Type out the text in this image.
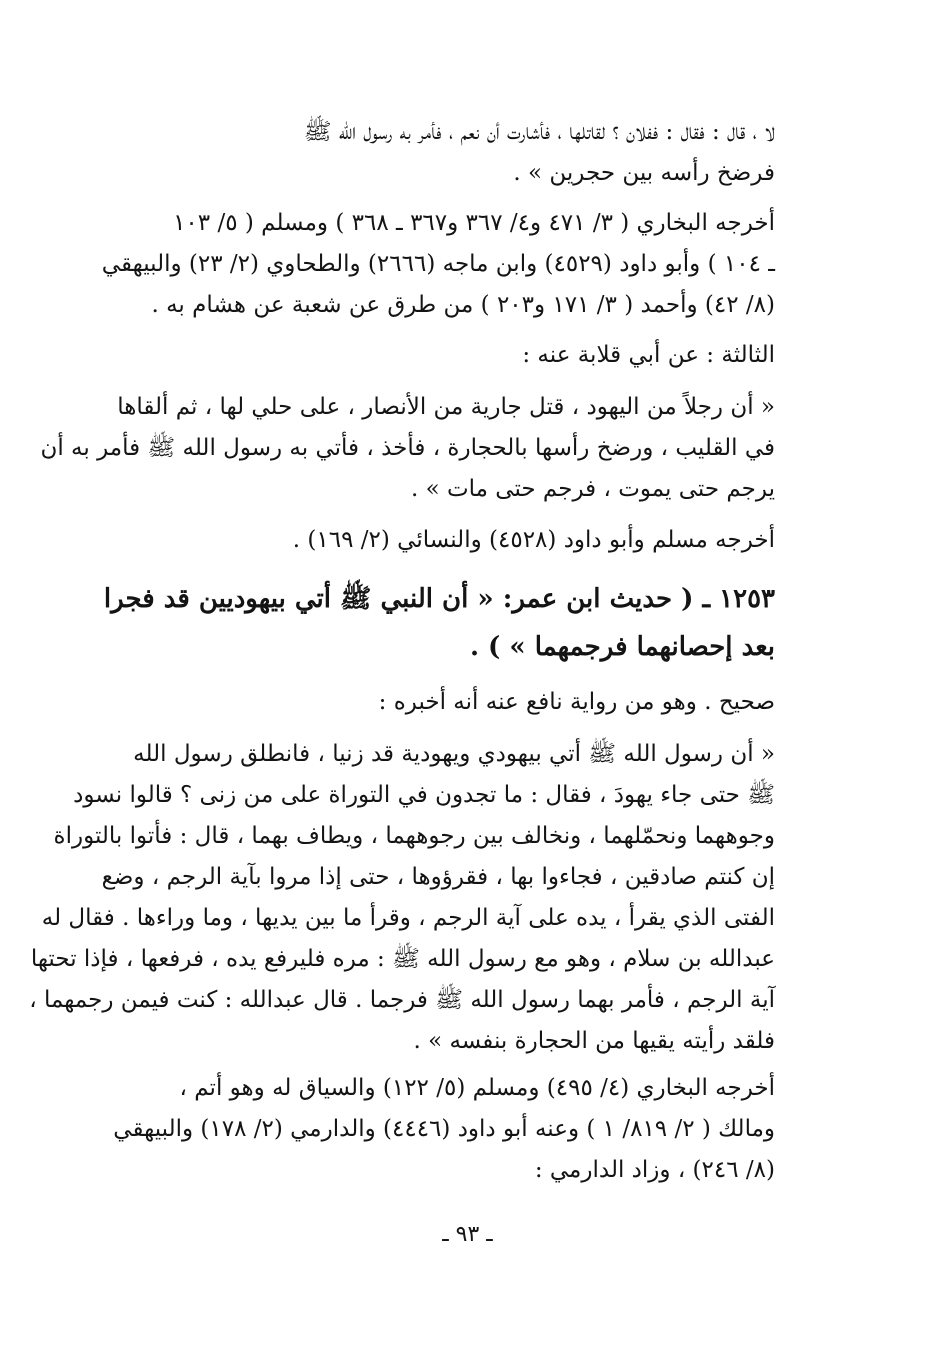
لا ، قال : فقال : ففلان ؟ لقاتلها ، فأشارت أن نعم ، فأمر به رسول الله ﷺ
فرضخ رأسه بين حجرين » .
أخرجه البخاري ( ٣/ ٤٧١ و٤/ ٣٦٧ و٣٦٧ ـ ٣٦٨ ) ومسلم ( ٥/ ١٠٣
ـ ١٠٤ ) وأبو داود (٤٥٢٩) وابن ماجه (٢٦٦٦) والطحاوي (٢/ ٢٣) والبيهقي
(٨/ ٤٢) وأحمد ( ٣/ ١٧١ و٢٠٣ ) من طرق عن شعبة عن هشام به .
الثالثة : عن أبي قلابة عنه :
« أن رجلاً من اليهود ، قتل جارية من الأنصار ، على حلي لها ، ثم ألقاها
في القليب ، ورضخ رأسها بالحجارة ، فأخذ ، فأتي به رسول الله ﷺ فأمر به أن
يرجم حتى يموت ، فرجم حتى مات » .
أخرجه مسلم وأبو داود (٤٥٢٨) والنسائي (٢/ ١٦٩) .
١٢٥٣ ـ ( حديث ابن عمر: « أن النبي ﷺ أتي بيهوديين قد فجرا
بعد إحصانهما فرجمهما » ) .
صحيح . وهو من رواية نافع عنه أنه أخبره :
« أن رسول الله ﷺ أتي بيهودي ويهودية قد زنيا ، فانطلق رسول الله
ﷺ حتى جاء يهودَ ، فقال : ما تجدون في التوراة على من زنى ؟ قالوا نسود
وجوههما ونحمّلهما ، ونخالف بين رجوههما ، ويطاف بهما ، قال : فأتوا بالتوراة
إن كنتم صادقين ، فجاءوا بها ، فقرؤوها ، حتى إذا مروا بآية الرجم ، وضع
الفتى الذي يقرأ ، يده على آية الرجم ، وقرأ ما بين يديها ، وما وراءها . فقال له
عبدالله بن سلام ، وهو مع رسول الله ﷺ : مره فليرفع يده ، فرفعها ، فإذا تحتها
آية الرجم ، فأمر بهما رسول الله ﷺ فرجما . قال عبدالله : كنت فيمن رجمهما ،
فلقد رأيته يقيها من الحجارة بنفسه » .
أخرجه البخاري (٤/ ٤٩٥) ومسلم (٥/ ١٢٢) والسياق له وهو أتم ،
ومالك ( ٢/ ٨١٩/ ١ ) وعنه أبو داود (٤٤٤٦) والدارمي (٢/ ١٧٨) والبيهقي
(٨/ ٢٤٦) ، وزاد الدارمي :
ـ ٩٣ ـ
